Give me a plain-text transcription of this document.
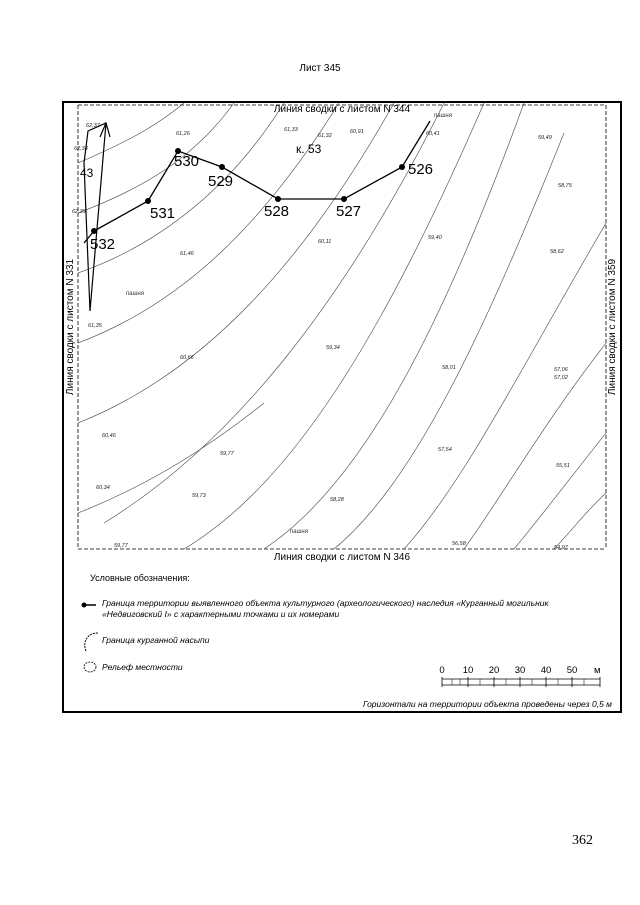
Лист 345
526
527
528
529
530
531
532
к. 53
43
пашня
пашня
пашня
62,37
62,34
61,26
61,33
61,32
60,91	60,41
59,49
62,39
58,75
61,46
60,11
59,40
58,62
61,35
60,66
59,34
58,01	57,06
57,02
60,46
59,77
57,54
55,51
60,34
59,73
58,28
59,77	56,58
54,97
Линия сводки с листом N 344
Линия сводки с листом N 346
Линия сводки с листом N 331	Линия сводки с листом N 359
Условные обозначения:
Граница территории выявленного объекта культурного (археологического) наследия «Курганный могильник «Недвиговский I» с характерными точками и их номерами
Граница курганной насыпи
Рельеф местности	0 10 20 30 40 50 м
Горизонтали на территории объекта проведены через 0,5 м
362
